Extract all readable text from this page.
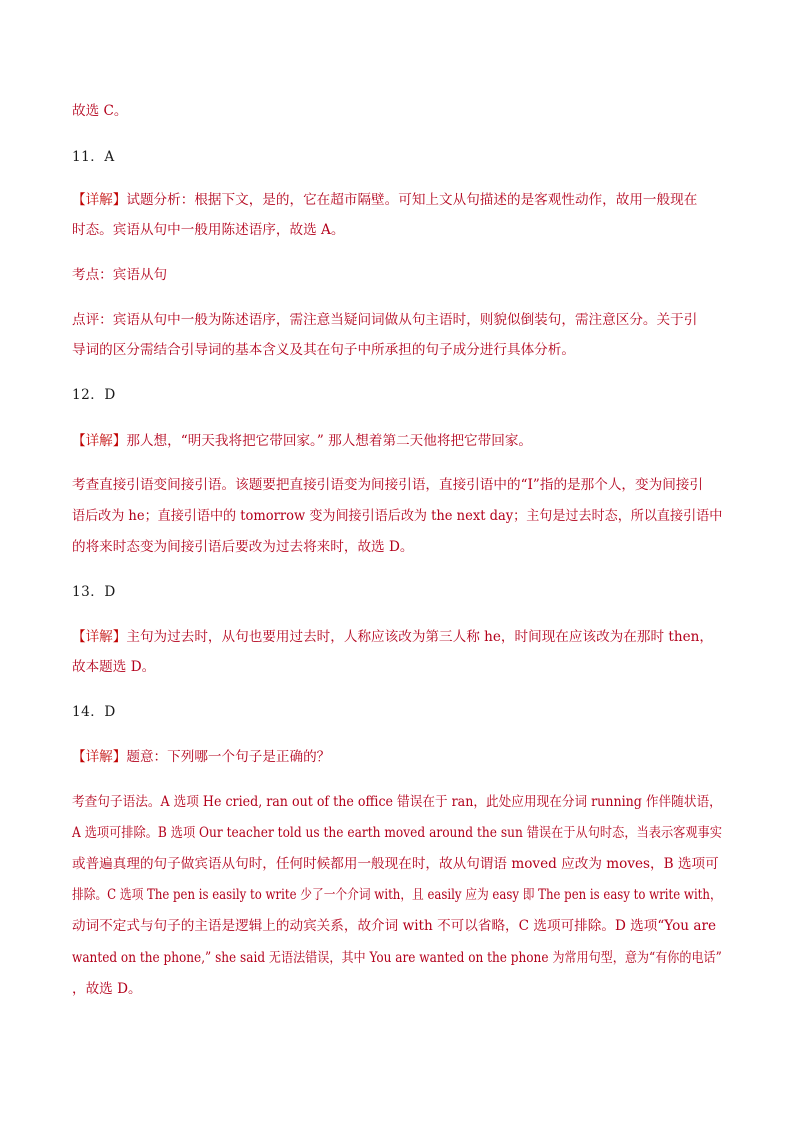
故选 C。
11．A
【详解】试题分析：根据下文，是的，它在超市隔壁。可知上文从句描述的是客观性动作，故用一般现在
时态。宾语从句中一般用陈述语序，故选 A。
考点：宾语从句
点评：宾语从句中一般为陈述语序，需注意当疑问词做从句主语时，则貌似倒装句，需注意区分。关于引
导词的区分需结合引导词的基本含义及其在句子中所承担的句子成分进行具体分析。
12．D
【详解】那人想，“明天我将把它带回家。” 那人想着第二天他将把它带回家。
考查直接引语变间接引语。该题要把直接引语变为间接引语，直接引语中的“I”指的是那个人，变为间接引
语后改为 he；直接引语中的 tomorrow 变为间接引语后改为 the next day；主句是过去时态，所以直接引语中
的将来时态变为间接引语后要改为过去将来时，故选 D。
13．D
【详解】主句为过去时，从句也要用过去时，人称应该改为第三人称 he，时间现在应该改为在那时 then，
故本题选 D。
14．D
【详解】题意：下列哪一个句子是正确的？
考查句子语法。A 选项 He cried, ran out of the office 错误在于 ran，此处应用现在分词 running 作伴随状语，
A 选项可排除。B 选项 Our teacher told us the earth moved around the sun 错误在于从句时态，当表示客观事实
或普遍真理的句子做宾语从句时，任何时候都用一般现在时，故从句谓语 moved 应改为 moves，B 选项可
排除。C 选项 The pen is easily to write 少了一个介词 with，且 easily 应为 easy 即 The pen is easy to write with，
动词不定式与句子的主语是逻辑上的动宾关系，故介词 with 不可以省略，C 选项可排除。D 选项“You are
wanted on the phone,” she said 无语法错误，其中 You are wanted on the phone 为常用句型，意为“有你的电话”
，故选 D。
